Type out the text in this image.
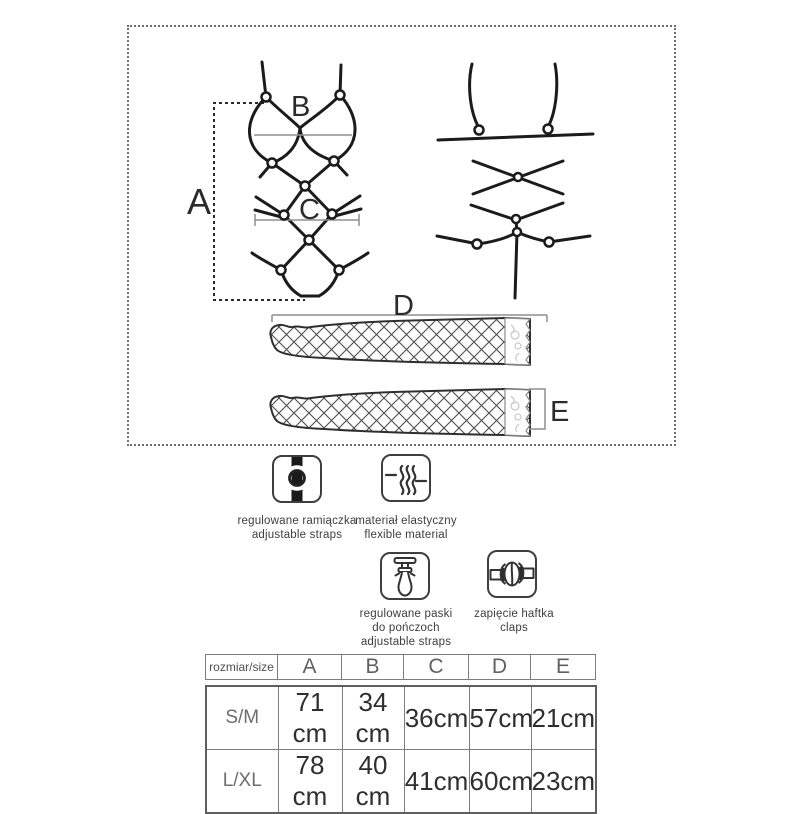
A
B
C
D
E
regulowane ramiączka
adjustable straps
materiał elastyczny
flexible material
regulowane paski
do pończoch
adjustable straps
zapięcie haftka
claps
rozmiar/size	A	B	C	D	E
S/M	71 cm	34 cm	36cm	57cm	21cm
L/XL	78 cm	40 cm	41cm	60cm	23cm
